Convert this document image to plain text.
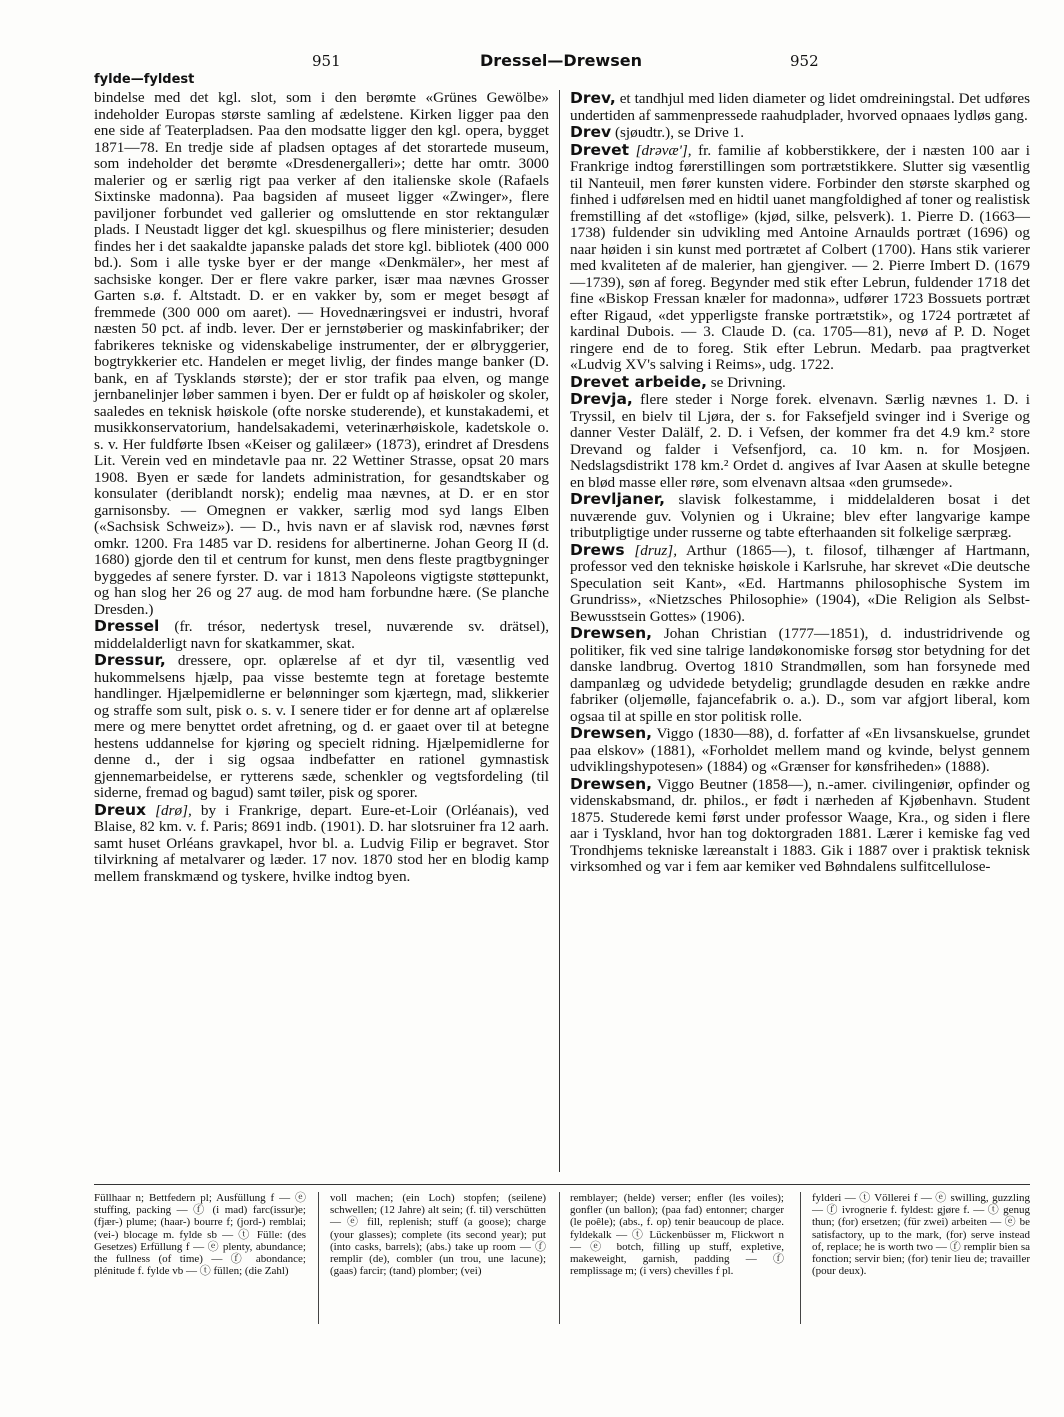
951	Dressel—Drewsen	952
fylde—fyldest

bindelse med det kgl. slot, som i den berømte «Grünes Gewölbe» indeholder Europas største samling af ædelstene. Kirken ligger paa den ene side af Teaterpladsen. Paa den modsatte ligger den kgl. opera, bygget 1871—78. En tredje side af pladsen optages af det storartede museum, som indeholder det berømte «Dresdenergalleri»; dette har omtr. 3000 malerier og er særlig rigt paa verker af den italienske skole (Rafaels Sixtinske madonna). Paa bagsiden af museet ligger «Zwinger», flere paviljoner forbundet ved gallerier og omsluttende en stor rektangulær plads. I Neustadt ligger det kgl. skuespilhus og flere ministerier; desuden findes her i det saakaldte japanske palads det store kgl. bibliotek (400 000 bd.). Som i alle tyske byer er der mange «Denkmäler», her mest af sachsiske konger. Der er flere vakre parker, især maa nævnes Grosser Garten s.ø. f. Altstadt. D. er en vakker by, som er meget besøgt af fremmede (300 000 om aaret). — Hovednæringsvei er industri, hvoraf næsten 50 pct. af indb. lever. Der er jernstøberier og maskinfabriker; der fabrikeres tekniske og videnskabelige instrumenter, der er ølbryggerier, bogtrykkerier etc. Handelen er meget livlig, der findes mange banker (D. bank, en af Tysklands største); der er stor trafik paa elven, og mange jernbanelinjer løber sammen i byen. Der er fuldt op af høiskoler og skoler, saaledes en teknisk høiskole (ofte norske studerende), et kunstakademi, et musikkonservatorium, handelsakademi, veterinærhøiskole, kadetskole o. s. v. Her fuldførte Ibsen «Keiser og galilæer» (1873), erindret af Dresdens Lit. Verein ved en mindetavle paa nr. 22 Wettiner Strasse, opsat 20 mars 1908. Byen er sæde for landets administration, for gesandtskaber og konsulater (deriblandt norsk); endelig maa nævnes, at D. er en stor garnisonsby. — Omegnen er vakker, særlig mod syd langs Elben («Sachsisk Schweiz»). — D., hvis navn er af slavisk rod, nævnes først omkr. 1200. Fra 1485 var D. residens for albertinerne. Johan Georg II (d. 1680) gjorde den til et centrum for kunst, men dens fleste pragtbygninger byggedes af senere fyrster. D. var i 1813 Napoleons vigtigste støttepunkt, og han slog her 26 og 27 aug. de mod ham forbundne hære. (Se planche Dresden.)

Dressel (fr. trésor, nedertysk tresel, nuværende sv. drätsel), middelalderligt navn for skatkammer, skat.

Dressur, dressere, opr. oplærelse af et dyr til, væsentlig ved hukommelsens hjælp, paa visse bestemte tegn at foretage bestemte handlinger. Hjælpemidlerne er belønninger som kjærtegn, mad, slikkerier og straffe som sult, pisk o. s. v. I senere tider er for denne art af oplærelse mere og mere benyttet ordet afretning, og d. er gaaet over til at betegne hestens uddannelse for kjøring og specielt ridning. Hjælpemidlerne for denne d., der i sig ogsaa indbefatter en rationel gymnastisk gjennemarbeidelse, er rytterens sæde, schenkler og vegtsfordeling (til siderne, fremad og bagud) samt tøiler, pisk og sporer.

Dreux [drø], by i Frankrige, depart. Eure-et-Loir (Orléanais), ved Blaise, 82 km. v. f. Paris; 8691 indb. (1901). D. har slotsruiner fra 12 aarh. samt huset Orléans gravkapel, hvor bl. a. Ludvig Filip er begravet. Stor tilvirkning af metalvarer og læder. 17 nov. 1870 stod her en blodig kamp mellem franskmænd og tyskere, hvilke indtog byen.

Drev, et tandhjul med liden diameter og lidet omdreiningstal. Det udføres undertiden af sammenpressede raahudplader, hvorved opnaaes lydløs gang.

Drev (sjøudtr.), se Drive 1.

Drevet [drəvæ'], fr. familie af kobberstikkere, der i næsten 100 aar i Frankrige indtog førerstillingen som portrætstikkere. Slutter sig væsentlig til Nanteuil, men fører kunsten videre. Forbinder den største skarphed og finhed i udførelsen med en hidtil uanet mangfoldighed af toner og realistisk fremstilling af det «stoflige» (kjød, silke, pelsverk). 1. Pierre D. (1663—1738) fuldender sin udvikling med Antoine Arnaulds portræt (1696) og naar høiden i sin kunst med portrætet af Colbert (1700). Hans stik varierer med kvaliteten af de malerier, han gjengiver. — 2. Pierre Imbert D. (1679—1739), søn af foreg. Begynder med stik efter Lebrun, fuldender 1718 det fine «Biskop Fressan knæler for madonna», udfører 1723 Bossuets portræt efter Rigaud, «det ypperligste franske portrætstik», og 1724 portrætet af kardinal Dubois. — 3. Claude D. (ca. 1705—81), nevø af P. D. Noget ringere end de to foreg. Stik efter Lebrun. Medarb. paa pragtverket «Ludvig XV's salving i Reims», udg. 1722.

Drevet arbeide, se Drivning.

Drevja, flere steder i Norge forek. elvenavn. Særlig nævnes 1. D. i Tryssil, en bielv til Ljøra, der s. for Faksefjeld svinger ind i Sverige og danner Vester Dalälf, 2. D. i Vefsen, der kommer fra det 4.9 km.² store Drevand og falder i Vefsenfjord, ca. 10 km. n. for Mosjøen. Nedslagsdistrikt 178 km.² Ordet d. angives af Ivar Aasen at skulle betegne en blød masse eller røre, som elvenavn altsaa «den grumsede».

Drevljaner, slavisk folkestamme, i middelalderen bosat i det nuværende guv. Volynien og i Ukraine; blev efter langvarige kampe tributpligtige under russerne og tabte efterhaanden sit folkelige særpræg.

Drews [druz], Arthur (1865—), t. filosof, tilhænger af Hartmann, professor ved den tekniske høiskole i Karlsruhe, har skrevet «Die deutsche Speculation seit Kant», «Ed. Hartmanns philosophische System im Grundriss», «Nietzsches Philosophie» (1904), «Die Religion als Selbst-Bewusstsein Gottes» (1906).

Drewsen, Johan Christian (1777—1851), d. industridrivende og politiker, fik ved sine talrige landøkonomiske forsøg stor betydning for det danske landbrug. Overtog 1810 Strandmøllen, som han forsynede med dampanlæg og udvidede betydelig; grundlagde desuden en række andre fabriker (oljemølle, fajancefabrik o. a.). D., som var afgjort liberal, kom ogsaa til at spille en stor politisk rolle.

Drewsen, Viggo (1830—88), d. forfatter af «En livsanskuelse, grundet paa elskov» (1881), «Forholdet mellem mand og kvinde, belyst gennem udviklingshypotesen» (1884) og «Grænser for kønsfriheden» (1888).

Drewsen, Viggo Beutner (1858—), n.-amer. civilingeniør, opfinder og videnskabsmand, dr. philos., er født i nærheden af Kjøbenhavn. Student 1875. Studerede kemi først under professor Waage, Kra., og siden i flere aar i Tyskland, hvor han tog doktorgraden 1881. Lærer i kemiske fag ved Trondhjems tekniske læreanstalt i 1883. Gik i 1887 over i praktisk teknisk virksomhed og var i fem aar kemiker ved Bøhndalens sulfitcellulose-

Füllhaar n; Bettfedern pl; Ausfüllung f — ⓔ stuffing, packing — ⓕ (i mad) farc(issur)e; (fjær-) plume; (haar-) bourre f; (jord-) remblai; (vei-) blocage m. fylde sb — ⓣ Fülle: (des Gesetzes) Erfüllung f — ⓔ plenty, abundance; the fullness (of time) — ⓕ abondance; plénitude f. fylde vb — ⓣ füllen; (die Zahl)
voll machen; (ein Loch) stopfen; (seilene) schwellen; (12 Jahre) alt sein; (f. til) verschütten — ⓔ fill, replenish; stuff (a goose); charge (your glasses); complete (its second year); put (into casks, barrels); (abs.) take up room — ⓕ remplir (de), combler (un trou, une lacune); (gaas) farcir; (tand) plomber; (vei)
remblayer; (helde) verser; enfler (les voiles); gonfler (un ballon); (paa fad) entonner; charger (le poêle); (abs., f. op) tenir beaucoup de place. fyldekalk — ⓣ Lückenbüsser m, Flickwort n — ⓔ botch, filling up stuff, expletive, makeweight, garnish, padding — ⓕ remplissage m; (i vers) chevilles f pl.
fylderi — ⓣ Völlerei f — ⓔ swilling, guzzling — ⓕ ivrognerie f. fyldest: gjøre f. — ⓣ genug thun; (for) ersetzen; (für zwei) arbeiten — ⓔ be satisfactory, up to the mark, (for) serve instead of, replace; he is worth two — ⓕ remplir bien sa fonction; servir bien; (for) tenir lieu de; travailler (pour deux).
